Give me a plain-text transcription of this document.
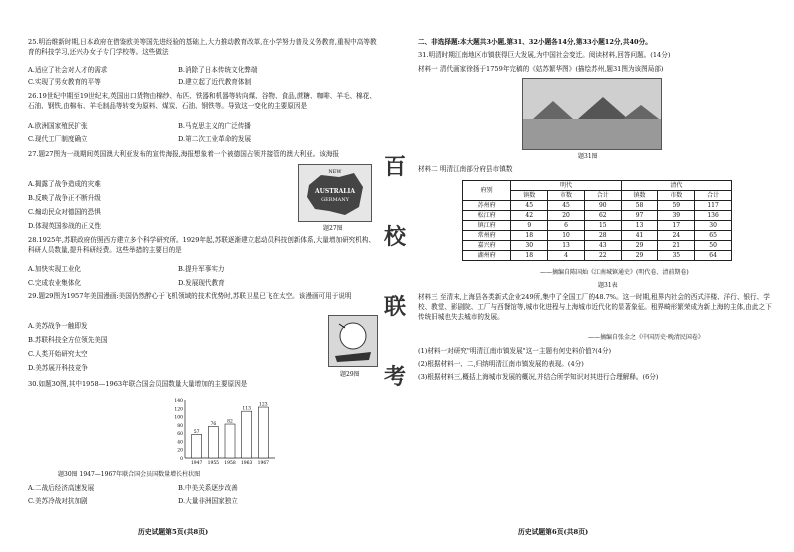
25.明治维新时期,日本政府在借鉴欧美等国先进经验的基础上,大力推动教育改革,在小学努力普及义务教育,重视中高等教育的科技学习,还兴办女子专门学校等。这些做法

A.适应了社会对人才的需求	B.消除了日本传统文化弊端
C.实现了男女教育的平等	D.建立起了近代教育体制

26.19世纪中期至19世纪末,英国出口货物由棉纱、布匹、铁器和机器等转向煤、谷物、食品,蔗糖、咖啡、羊毛、棉花、石油、钢铁,由棉布、羊毛制品等转变为原料、煤炭、石油、钢铁等。导致这一变化的主要原因是

A.欧洲国家殖民扩张	B.马克思主义的广泛传播
C.现代工厂制度确立	D.第二次工业革命的发展

27.题27图为一战期间英国澳大利亚发布的宣传海报,海报想象着一个被德国占领并接管的澳大利亚。该海报

A.揭露了战争造成的灾难
B.反映了战争正不断升级
C.煽动民众对德国的恐惧
D.体现英国参战的正义性
NEW
AUSTRALIA
GERMANY
题27图

28.1925年,苏联政府仿照西方建立多个科学研究所。1929年起,苏联逐渐建立起动员科技创新体系,大量增加研究机构、科研人员数量,提升科研经费。这些举措的主要目的是

A.加快实现工业化	B.提升军事实力
C.完成农业集体化	D.发展现代教育

29.题29图为1957年美国漫画:美国仍然醉心于飞机领域的技术优势时,苏联卫星已飞在太空。该漫画可用于说明

A.美苏战争一触即发
B.苏联科技全方位领先美国
C.人类开始研究太空
D.美苏展开科技竞争
题29图

30.如题30图,其中1958—1963年联合国会员国数量大量增加的主要原因是

0
20
40
60
80
100
120
140
57
1947
76
1955
82
1958
113
1963
123
1967
题30图 1947—1967年联合国会员国数量增长柱状图
A.二战后经济高速发展	B.中美关系逐步改善
C.美苏冷战对抗加剧	D.大量非洲国家独立
历史试题第5页(共8页)
百
校
联
考

二、非选择题:本大题共3小题,第31、32小题各14分,第33小题12分,共40分。

31.明清时期江南地区市镇获得巨大发展,为中国社会变迁。阅读材料,回答问题。(14分)

材料一 清代画家徐扬于1759年完稿的《姑苏繁华图》(描绘苏州,题31图为该图局部)

题31图

材料二 明清江南部分府县市镇数

府别	明代			清代		
	镇数	市数	合计	镇数	市数	合计
苏州府	45	45	90	58	59	117
松江府	42	20	62	97	39	136
镇江府	9	6	15	13	17	30
常州府	18	10	28	41	24	65
嘉兴府	30	13	43	29	21	50
湖州府	18	4	22	29	35	64
——摘编自陈国灿《江南城镇通史》(明代卷、清前期卷)
题31表

材料三 至清末,上海县各类新式企业249所,集中了全国工厂的48.7%。这一时期,租界内社会的西式洋楼、洋行、银行、学校、教堂、影剧院、工厂与西餐馆等,城市化进程与上海城市近代化的显著象征。租界畸形繁荣成为新上海的主体,由此之下传统旧城也失去城市的发展。

——摘编自张金之《中国历史·晚清民国卷》

(1)材料一对研究"明清江南市镇发展"这一主题有何史料价值?(4分)

(2)根据材料一、二,归纳明清江南市镇发展的表现。(4分)

(3)根据材料三,概括上海城市发展的概况,并结合所学知识对其进行合理解释。(6分)

历史试题第6页(共8页)
